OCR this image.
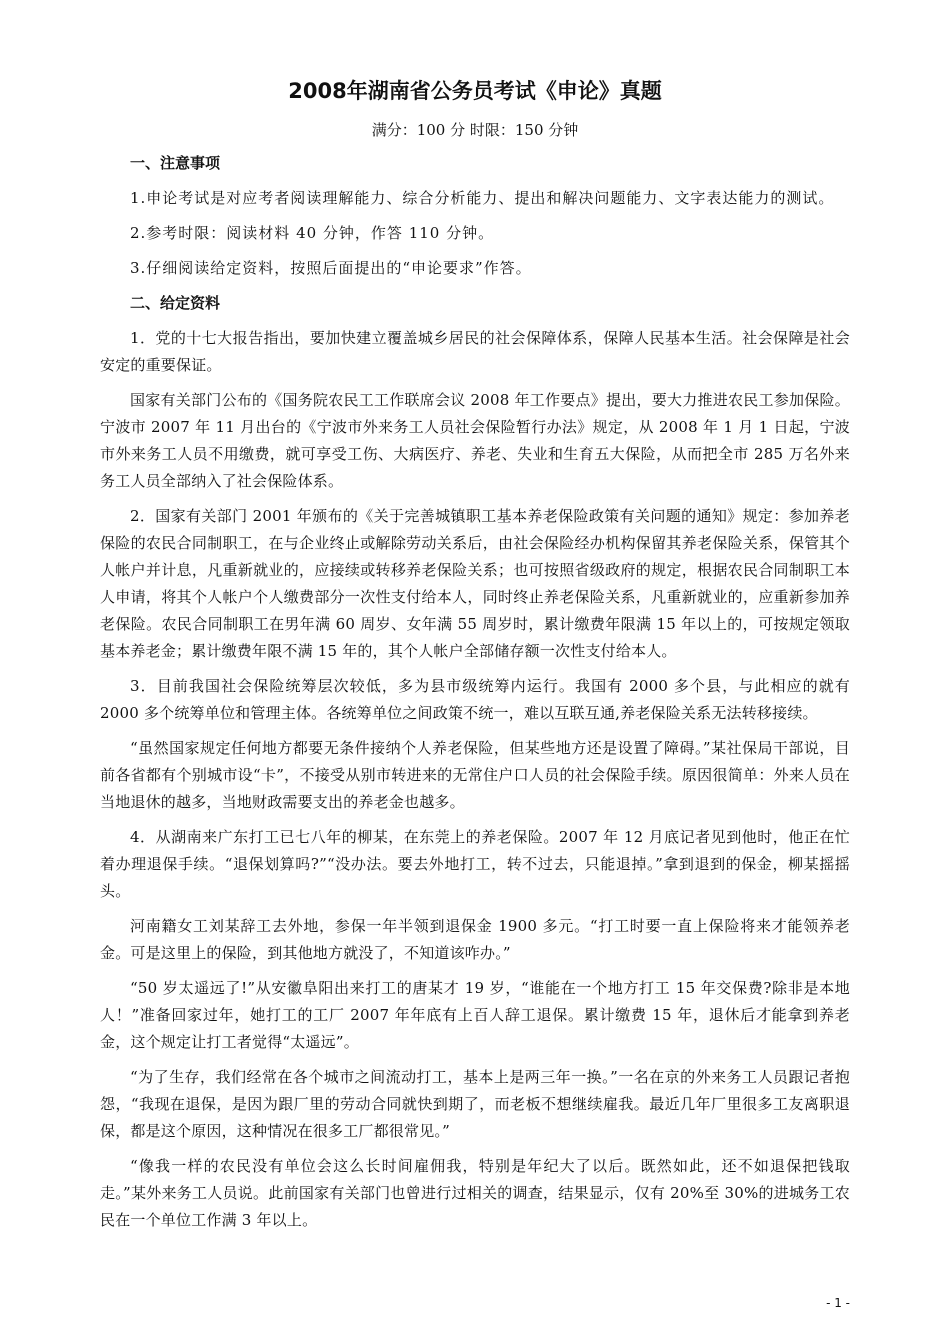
2008年湖南省公务员考试《申论》真题
满分：100 分 时限：150 分钟
一、注意事项
1.申论考试是对应考者阅读理解能力、综合分析能力、提出和解决问题能力、文字表达能力的测试。
2.参考时限：阅读材料 40 分钟，作答 110 分钟。
3.仔细阅读给定资料，按照后面提出的“申论要求”作答。
二、给定资料
1．党的十七大报告指出，要加快建立覆盖城乡居民的社会保障体系，保障人民基本生活。社会保障是社会安定的重要保证。
国家有关部门公布的《国务院农民工工作联席会议 2008 年工作要点》提出，要大力推进农民工参加保险。宁波市 2007 年 11 月出台的《宁波市外来务工人员社会保险暂行办法》规定，从 2008 年 1 月 1 日起，宁波市外来务工人员不用缴费，就可享受工伤、大病医疗、养老、失业和生育五大保险，从而把全市 285 万名外来务工人员全部纳入了社会保险体系。
2．国家有关部门 2001 年颁布的《关于完善城镇职工基本养老保险政策有关问题的通知》规定：参加养老保险的农民合同制职工，在与企业终止或解除劳动关系后，由社会保险经办机构保留其养老保险关系，保管其个人帐户并计息，凡重新就业的，应接续或转移养老保险关系；也可按照省级政府的规定，根据农民合同制职工本人申请，将其个人帐户个人缴费部分一次性支付给本人，同时终止养老保险关系，凡重新就业的，应重新参加养老保险。农民合同制职工在男年满 60 周岁、女年满 55 周岁时，累计缴费年限满 15 年以上的，可按规定领取基本养老金；累计缴费年限不满 15 年的，其个人帐户全部储存额一次性支付给本人。
3．目前我国社会保险统筹层次较低，多为县市级统筹内运行。我国有 2000 多个县，与此相应的就有 2000 多个统筹单位和管理主体。各统筹单位之间政策不统一，难以互联互通,养老保险关系无法转移接续。
“虽然国家规定任何地方都要无条件接纳个人养老保险，但某些地方还是设置了障碍。”某社保局干部说，目前各省都有个别城市设“卡”，不接受从别市转进来的无常住户口人员的社会保险手续。原因很简单：外来人员在当地退休的越多，当地财政需要支出的养老金也越多。
4．从湖南来广东打工已七八年的柳某，在东莞上的养老保险。2007 年 12 月底记者见到他时，他正在忙着办理退保手续。“退保划算吗?”“没办法。要去外地打工，转不过去，只能退掉。”拿到退到的保金，柳某摇摇头。
河南籍女工刘某辞工去外地，参保一年半领到退保金 1900 多元。“打工时要一直上保险将来才能领养老金。可是这里上的保险，到其他地方就没了，不知道该咋办。”
“50 岁太遥远了!”从安徽阜阳出来打工的唐某才 19 岁，“谁能在一个地方打工 15 年交保费?除非是本地人！”准备回家过年，她打工的工厂 2007 年年底有上百人辞工退保。累计缴费 15 年，退休后才能拿到养老金，这个规定让打工者觉得“太遥远”。
“为了生存，我们经常在各个城市之间流动打工，基本上是两三年一换。”一名在京的外来务工人员跟记者抱怨，“我现在退保，是因为跟厂里的劳动合同就快到期了，而老板不想继续雇我。最近几年厂里很多工友离职退保，都是这个原因，这种情况在很多工厂都很常见。”
“像我一样的农民没有单位会这么长时间雇佣我，特别是年纪大了以后。既然如此，还不如退保把钱取走。”某外来务工人员说。此前国家有关部门也曾进行过相关的调查，结果显示，仅有 20%至 30%的进城务工农民在一个单位工作满 3 年以上。
- 1 -
